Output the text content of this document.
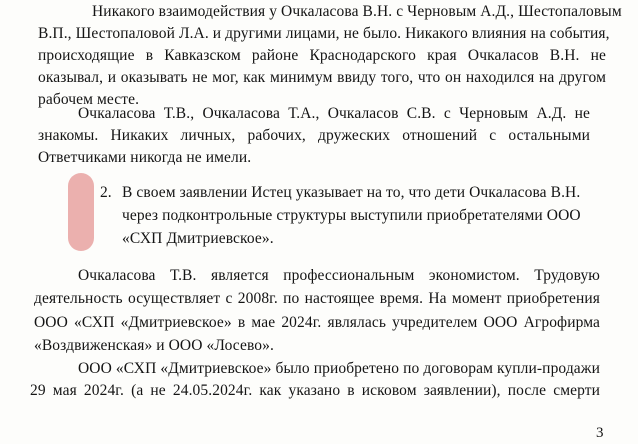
Никакого взаимодействия у Очкаласова В.Н. с Черновым А.Д., Шестопаловым
В.П., Шестопаловой Л.А. и другими лицами, не было. Никакого влияния на события,
происходящие в Кавказском районе Краснодарского края Очкаласов В.Н. не
оказывал, и оказывать не мог, как минимум ввиду того, что он находился на другом
рабочем месте.
Очкаласова Т.В., Очкаласова Т.А., Очкаласов С.В. с Черновым А.Д. не
знакомы. Никаких личных, рабочих, дружеских отношений с остальными
Ответчиками никогда не имели.
2. В своем заявлении Истец указывает на то, что дети Очкаласова В.Н.
через подконтрольные структуры выступили приобретателями ООО
«СХП Дмитриевское».
Очкаласова Т.В. является профессиональным экономистом. Трудовую
деятельность осуществляет с 2008г. по настоящее время. На момент приобретения
ООО «СХП «Дмитриевское» в мае 2024г. являлась учредителем ООО Агрофирма
«Воздвиженская» и ООО «Лосево».
ООО «СХП «Дмитриевское» было приобретено по договорам купли-продажи
29 мая 2024г. (а не 24.05.2024г. как указано в исковом заявлении), после смерти
3
